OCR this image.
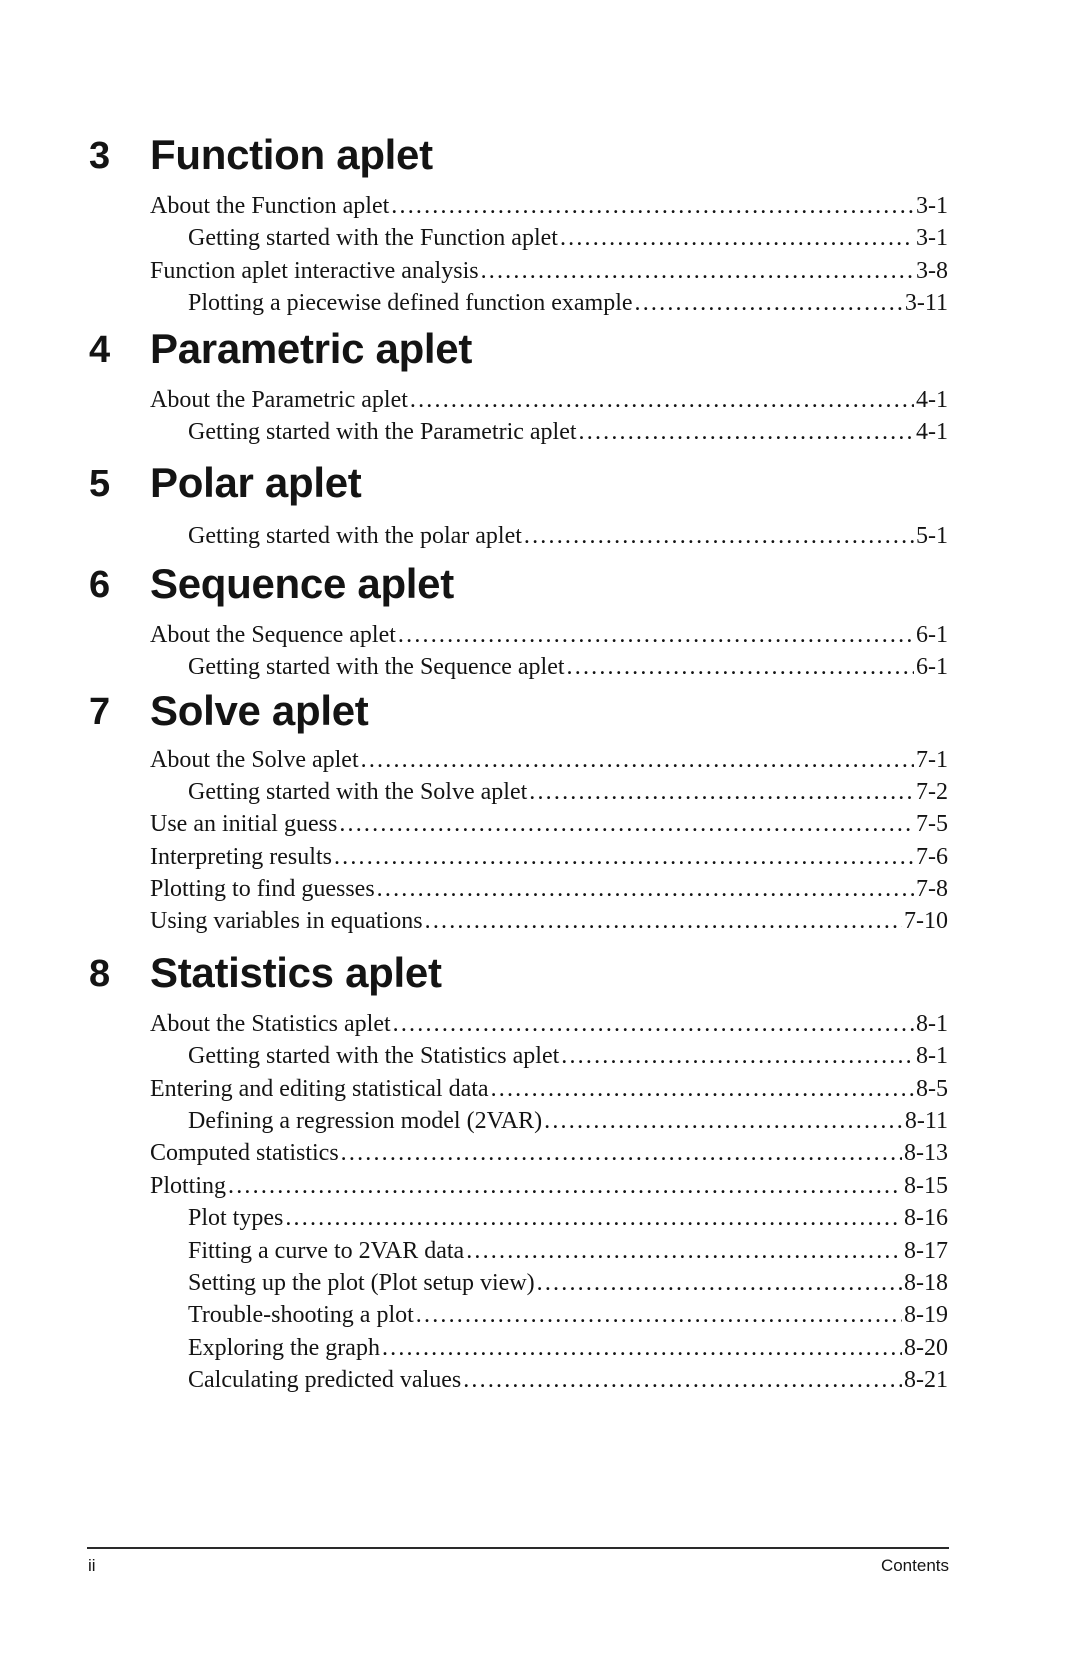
3 Function aplet
About the Function aplet . . .	3-1
Getting started with the Function aplet . . .	3-1
Function aplet interactive analysis . . .	3-8
Plotting a piecewise defined function example . . .	3-11
4 Parametric aplet
About the Parametric aplet . . .	4-1
Getting started with the Parametric aplet . . .	4-1
5 Polar aplet
Getting started with the polar aplet . . .	5-1
6 Sequence aplet
About the Sequence aplet . . .	6-1
Getting started with the Sequence aplet . . .	6-1
7 Solve aplet
About the Solve aplet . . .	7-1
Getting started with the Solve aplet . . .	7-2
Use an initial guess . . .	7-5
Interpreting results . . .	7-6
Plotting to find guesses . . .	7-8
Using variables in equations . . .	7-10
8 Statistics aplet
About the Statistics aplet . . .	8-1
Getting started with the Statistics aplet . . .	8-1
Entering and editing statistical data . . .	8-5
Defining a regression model (2VAR) . . .	8-11
Computed statistics . . .	8-13
Plotting . . .	8-15
Plot types . . .	8-16
Fitting a curve to 2VAR data . . .	8-17
Setting up the plot (Plot setup view) . . .	8-18
Trouble-shooting a plot . . .	8-19
Exploring the graph . . .	8-20
Calculating predicted values . . .	8-21
ii	Contents
